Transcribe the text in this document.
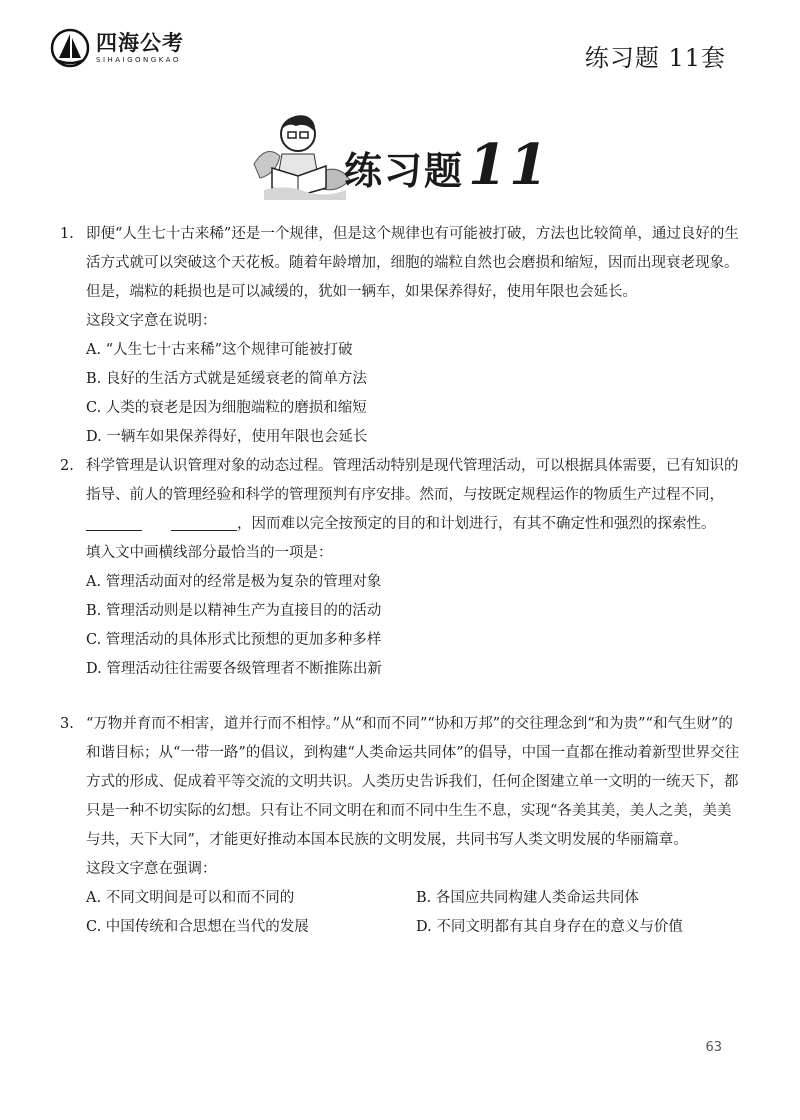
四海公考
SIHAIGONGKAO	练习题 11套
练习题11
1. 即便“人生七十古来稀”还是一个规律，但是这个规律也有可能被打破，方法也比较简单，通过良好的生活方式就可以突破这个天花板。随着年龄增加，细胞的端粒自然也会磨损和缩短，因而出现衰老现象。但是，端粒的耗损也是可以减缓的，犹如一辆车，如果保养得好，使用年限也会延长。
这段文字意在说明：
A. “人生七十古来稀”这个规律可能被打破
B. 良好的生活方式就是延缓衰老的简单方法
C. 人类的衰老是因为细胞端粒的磨损和缩短
D. 一辆车如果保养得好，使用年限也会延长
2. 科学管理是认识管理对象的动态过程。管理活动特别是现代管理活动，可以根据具体需要，已有知识的指导、前人的管理经验和科学的管理预判有序安排。然而，与按既定规程运作的物质生产过程不同，  ，因而难以完全按预定的目的和计划进行，有其不确定性和强烈的探索性。
填入文中画横线部分最恰当的一项是：
A. 管理活动面对的经常是极为复杂的管理对象
B. 管理活动则是以精神生产为直接目的的活动
C. 管理活动的具体形式比预想的更加多种多样
D. 管理活动往往需要各级管理者不断推陈出新
3. “万物并育而不相害，道并行而不相悖。”从“和而不同”“协和万邦”的交往理念到“和为贵”“和气生财”的和谐目标；从“一带一路”的倡议，到构建“人类命运共同体”的倡导，中国一直都在推动着新型世界交往方式的形成、促成着平等交流的文明共识。人类历史告诉我们，任何企图建立单一文明的一统天下，都只是一种不切实际的幻想。只有让不同文明在和而不同中生生不息，实现“各美其美，美人之美，美美与共，天下大同”，才能更好推动本国本民族的文明发展，共同书写人类文明发展的华丽篇章。
这段文字意在强调：
A. 不同文明间是可以和而不同的	B. 各国应共同构建人类命运共同体
C. 中国传统和合思想在当代的发展	D. 不同文明都有其自身存在的意义与价值
63
